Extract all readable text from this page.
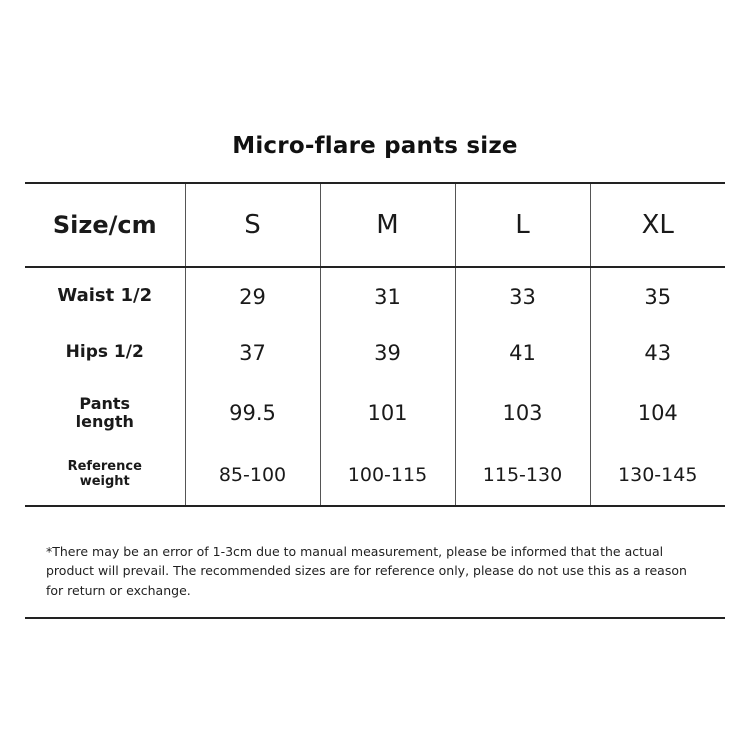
Micro-flare pants size
Size/cm	S	M	L	XL
Waist 1/2	29	31	33	35
Hips 1/2	37	39	41	43

Pants
length	99.5	101	103	104

Reference
weight	85-100	100-115	115-130	130-145
*There may be an error of 1-3cm due to manual measurement, please be informed that the actual product will prevail. The recommended sizes are for reference only, please do not use this as a reason for return or exchange.
